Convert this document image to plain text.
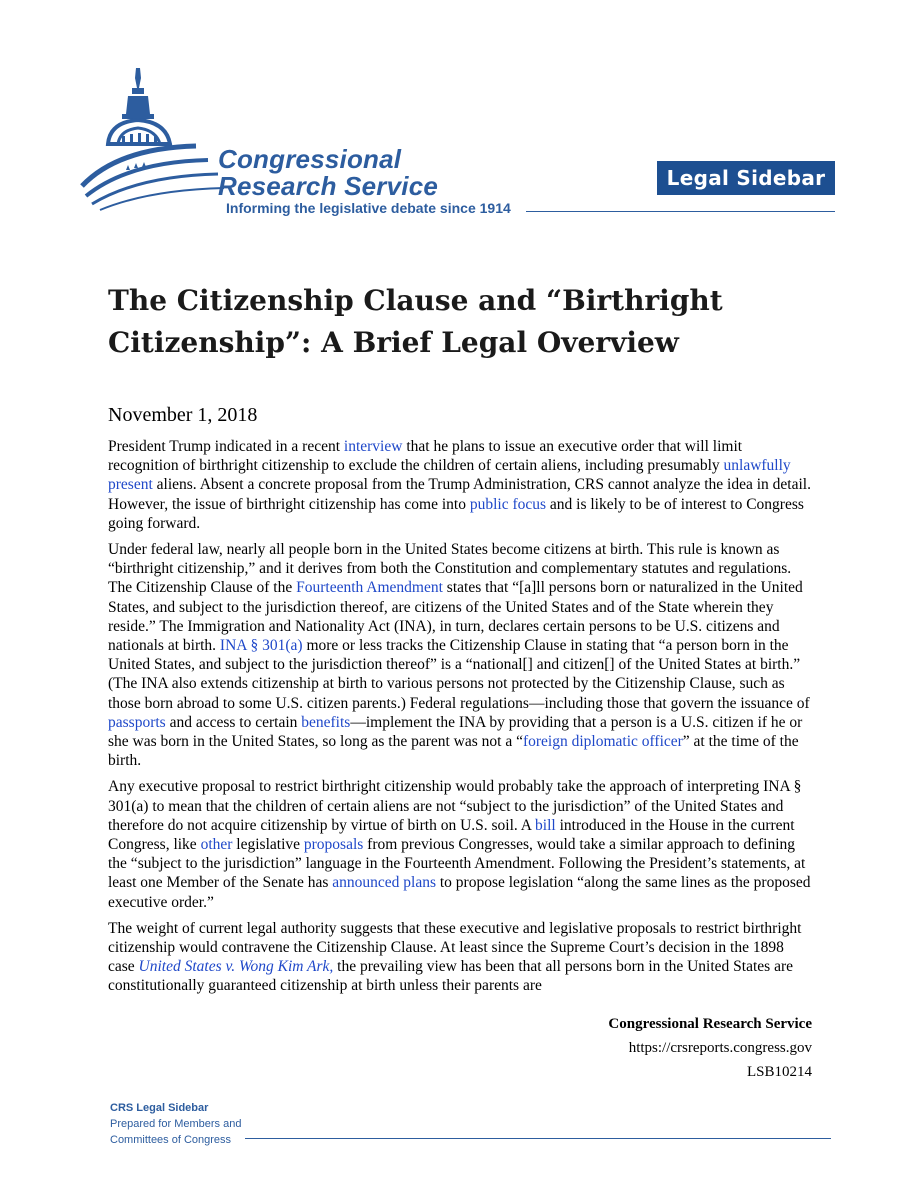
Congressional
Research Service
Informing the legislative debate since 1914
Legal Sidebar
The Citizenship Clause and “Birthright Citizenship”: A Brief Legal Overview
November 1, 2018

President Trump indicated in a recent interview that he plans to issue an executive order that will limit recognition of birthright citizenship to exclude the children of certain aliens, including presumably unlawfully present aliens. Absent a concrete proposal from the Trump Administration, CRS cannot analyze the idea in detail. However, the issue of birthright citizenship has come into public focus and is likely to be of interest to Congress going forward.

Under federal law, nearly all people born in the United States become citizens at birth. This rule is known as “birthright citizenship,” and it derives from both the Constitution and complementary statutes and regulations. The Citizenship Clause of the Fourteenth Amendment states that “[a]ll persons born or naturalized in the United States, and subject to the jurisdiction thereof, are citizens of the United States and of the State wherein they reside.” The Immigration and Nationality Act (INA), in turn, declares certain persons to be U.S. citizens and nationals at birth. INA § 301(a) more or less tracks the Citizenship Clause in stating that “a person born in the United States, and subject to the jurisdiction thereof” is a “national[] and citizen[] of the United States at birth.” (The INA also extends citizenship at birth to various persons not protected by the Citizenship Clause, such as those born abroad to some U.S. citizen parents.) Federal regulations—including those that govern the issuance of passports and access to certain benefits—implement the INA by providing that a person is a U.S. citizen if he or she was born in the United States, so long as the parent was not a “foreign diplomatic officer” at the time of the birth.

Any executive proposal to restrict birthright citizenship would probably take the approach of interpreting INA § 301(a) to mean that the children of certain aliens are not “subject to the jurisdiction” of the United States and therefore do not acquire citizenship by virtue of birth on U.S. soil. A bill introduced in the House in the current Congress, like other legislative proposals from previous Congresses, would take a similar approach to defining the “subject to the jurisdiction” language in the Fourteenth Amendment. Following the President’s statements, at least one Member of the Senate has announced plans to propose legislation “along the same lines as the proposed executive order.”

The weight of current legal authority suggests that these executive and legislative proposals to restrict birthright citizenship would contravene the Citizenship Clause. At least since the Supreme Court’s decision in the 1898 case United States v. Wong Kim Ark, the prevailing view has been that all persons born in the United States are constitutionally guaranteed citizenship at birth unless their parents are

Congressional Research Service
https://crsreports.congress.gov
LSB10214
CRS Legal Sidebar
Prepared for Members and
Committees of Congress
